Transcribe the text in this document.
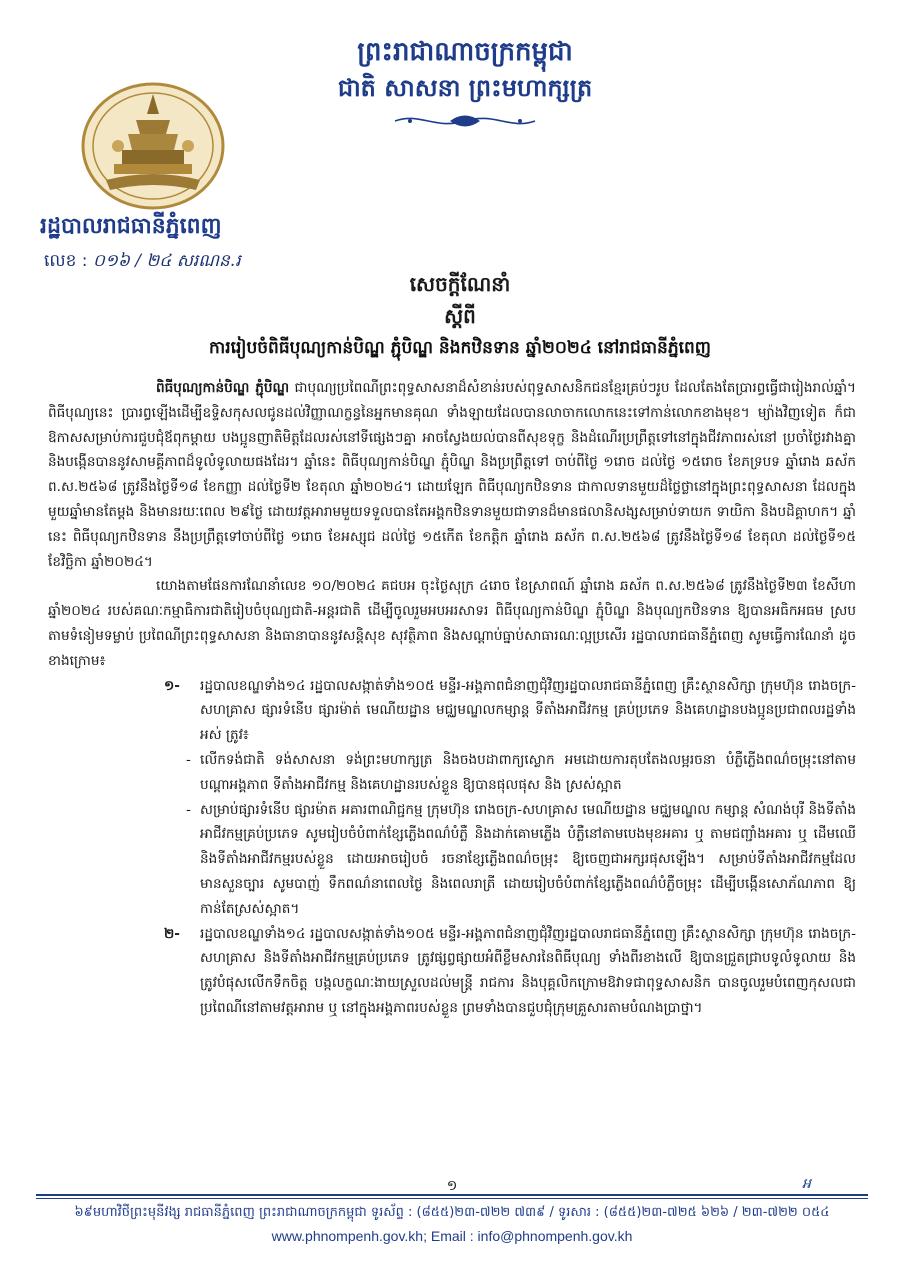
ព្រះរាជាណាចក្រកម្ពុជា
ជាតិ សាសនា ព្រះមហាក្សត្រ
រដ្ឋបាលរាជធានីភ្នំពេញ
លេខ : ០១៦ / ២៤ សរណន.រ
សេចក្ដីណែនាំ
ស្ដីពី
ការរៀបចំពិធីបុណ្យកាន់បិណ្ឌ ភ្ជុំបិណ្ឌ និងកឋិនទាន ឆ្នាំ២០២៤ នៅរាជធានីភ្នំពេញ

ពិធីបុណ្យកាន់បិណ្ឌ ភ្ជុំបិណ្ឌ ជាបុណ្យប្រពៃណីព្រះពុទ្ធសាសនាដ៏សំខាន់របស់ពុទ្ធសាសនិកជនខ្មែរគ្រប់ៗរូប ដែលតែងតែប្រារព្ធធ្វើជារៀងរាល់ឆ្នាំ។ ពិធីបុណ្យនេះ ប្រារព្ធឡើងដើម្បីឧទ្ទិសកុសលជូនដល់វិញ្ញាណក្ខន្ធនៃអ្នកមានគុណ ទាំងឡាយដែលបានលាចាកលោកនេះទៅកាន់លោកខាងមុខ។ ម្យ៉ាងវិញទៀត ក៏ជាឱកាសសម្រាប់ការជួបជុំឪពុកម្ដាយ បងប្អូនញាតិមិត្តដែលរស់នៅទីផ្សេងៗគ្នា អាចស្វែងយល់បានពីសុខទុក្ខ និងដំណើរប្រព្រឹត្តទៅនៅក្នុងជីវភាពរស់នៅ ប្រចាំថ្ងៃរវាងគ្នា និងបង្កើនបាននូវសាមគ្គីភាពដ៏ទូលំទូលាយផងដែរ។ ឆ្នាំនេះ ពិធីបុណ្យកាន់បិណ្ឌ ភ្ជុំបិណ្ឌ និងប្រព្រឹត្តទៅ ចាប់ពីថ្ងៃ ១រោច ដល់ថ្ងៃ ១៥រោច ខែភទ្របទ ឆ្នាំរោង ឆស័ក ព.ស.២៥៦៨ ត្រូវនឹងថ្ងៃទី១៨ ខែកញ្ញា ដល់ថ្ងៃទី២ ខែតុលា ឆ្នាំ២០២៤។ ដោយឡែក ពិធីបុណ្យកឋិនទាន ជាកាលទានមួយដ៏ថ្លៃថ្លានៅក្នុងព្រះពុទ្ធសាសនា ដែលក្នុងមួយឆ្នាំមានតែម្ដង និងមានរយៈពេល ២៩ថ្ងៃ ដោយវត្តអារាមមួយទទួលបានតែអង្គកឋិនទានមួយជាទានដ៏មានផលានិសង្សសម្រាប់ទាយក ទាយិកា និងបដិគ្គាហក។ ឆ្នាំនេះ ពិធីបុណ្យកឋិនទាន នឹងប្រព្រឹត្តទៅចាប់ពីថ្ងៃ ១រោច ខែអស្សុជ ដល់ថ្ងៃ ១៥កើត ខែកត្តិក ឆ្នាំរោង ឆស័ក ព.ស.២៥៦៨ ត្រូវនឹងថ្ងៃទី១៨ ខែតុលា ដល់ថ្ងៃទី១៥ ខែវិច្ឆិកា ឆ្នាំ២០២៤។

យោងតាមផែនការណែនាំលេខ ១០/២០២៤ គជបអ ចុះថ្ងៃសុក្រ ៤រោច ខែស្រាពណ៍ ឆ្នាំរោង ឆស័ក ព.ស.២៥៦៨ ត្រូវនឹងថ្ងៃទី២៣ ខែសីហា ឆ្នាំ២០២៤ របស់គណៈកម្មាធិការជាតិរៀបចំបុណ្យជាតិ-អន្តរជាតិ ដើម្បីចូលរួមអបអរសាទរ ពិធីបុណ្យកាន់បិណ្ឌ ភ្ជុំបិណ្ឌ និងបុណ្យកឋិនទាន ឱ្យបានអធិកអធម ស្របតាមទំនៀមទម្លាប់ ប្រពៃណីព្រះពុទ្ធសាសនា និងធានាបាននូវសន្តិសុខ សុវត្ថិភាព និងសណ្ដាប់ធ្នាប់សាធារណៈល្អប្រសើរ រដ្ឋបាលរាជធានីភ្នំពេញ សូមធ្វើការណែនាំ ដូចខាងក្រោម៖

១- រដ្ឋបាលខណ្ឌទាំង១៤ រដ្ឋបាលសង្កាត់ទាំង១០៥ មន្ទីរ-អង្គភាពជំនាញជុំវិញរដ្ឋបាលរាជធានីភ្នំពេញ គ្រឹះស្ថានសិក្សា ក្រុមហ៊ុន រោងចក្រ-សហគ្រាស ផ្សារទំនើប ផ្សារម៉ាត់ មេណីយដ្ឋាន មជ្ឈមណ្ឌលកម្សាន្ត ទីតាំងអាជីវកម្ម គ្រប់ប្រភេទ និងគេហដ្ឋានបងប្អូនប្រជាពលរដ្ឋទាំងអស់ ត្រូវ៖

- លើកទង់ជាតិ ទង់សាសនា ទង់ព្រះមហាក្សត្រ និងចងបដាពាក្យស្លោក អមដោយការតុបតែងលម្អរចនា បំភ្លឺភ្លើងពណ៌ចម្រុះនៅតាមបណ្ដាអង្គភាព ទីតាំងអាជីវកម្ម និងគេហដ្ឋានរបស់ខ្លួន ឱ្យបានផុលផុស និង ស្រស់ស្អាត

- សម្រាប់ផ្សារទំនើប ផ្សារម៉ាត អគារពាណិជ្ជកម្ម ក្រុមហ៊ុន រោងចក្រ-សហគ្រាស មេណីយដ្ឋាន មជ្ឈមណ្ឌល កម្សាន្ត សំណង់បុរី និងទីតាំងអាជីវកម្មគ្រប់ប្រភេទ សូមរៀបចំបំពាក់ខ្សែភ្លើងពណ៌បំភ្លឺ និងដាក់គោមភ្លើង បំភ្លឺនៅតាមបេងមុខអគារ ឬ តាមជញ្ជាំងអគារ ឬ ដើមឈើ និងទីតាំងអាជីវកម្មរបស់ខ្លួន ដោយអាចរៀបចំ រចនាខ្សែភ្លើងពណ៌ចម្រុះ ឱ្យចេញជាអក្សរផុសឡើង។ សម្រាប់ទីតាំងអាជីវកម្មដែលមានសួនច្បារ សូមបាញ់ ទឹកពណ៌នាពេលថ្ងៃ និងពេលរាត្រី ដោយរៀបចំបំពាក់ខ្សែភ្លើងពណ៌បំភ្លឺចម្រុះ ដើម្បីបង្កើនសោភ័ណភាព ឱ្យកាន់តែស្រស់ស្អាត។

២- រដ្ឋបាលខណ្ឌទាំង១៤ រដ្ឋបាលសង្កាត់ទាំង១០៥ មន្ទីរ-អង្គភាពជំនាញជុំវិញរដ្ឋបាលរាជធានីភ្នំពេញ គ្រឹះស្ថានសិក្សា ក្រុមហ៊ុន រោងចក្រ-សហគ្រាស និងទីតាំងអាជីវកម្មគ្រប់ប្រភេទ ត្រូវផ្សព្វផ្សាយអំពីខ្លឹមសារនៃពិធីបុណ្យ ទាំងពីរខាងលើ ឱ្យបានជ្រួតជ្រាបទូលំទូលាយ និងត្រូវបំផុសលើកទឹកចិត្ត បង្កលក្ខណៈងាយស្រួលដល់មន្ត្រី រាជការ និងបុគ្គលិកក្រោមឱវាទជាពុទ្ធសាសនិក បានចូលរួមបំពេញកុសលជាប្រពៃណីនៅតាមវត្តអារាម ឬ នៅក្នុងអង្គភាពរបស់ខ្លួន ព្រមទាំងបានជួបជុំក្រុមគ្រួសារតាមបំណងប្រាថ្នា។

១	អ
៦៩មហាវិថីព្រះមុនីវង្ស រាជធានីភ្នំពេញ ព្រះរាជាណាចក្រកម្ពុជា ទូរស័ព្ទ : (៨៥៥)២៣-៧២២ ៧៣៩ / ទូរសារ : (៨៥៥)២៣-៧២៥ ៦២៦ / ២៣-៧២២ ០៥៤
www.phnompenh.gov.kh; Email : info@phnompenh.gov.kh
